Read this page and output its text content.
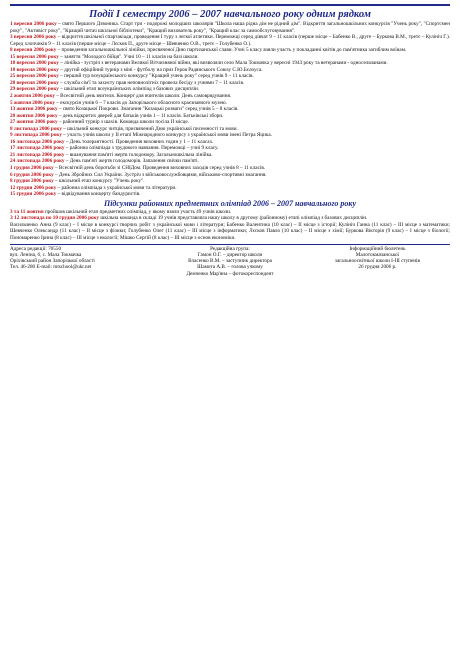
Події І семестру 2006 – 2007 навчального року одним рядком

1 вересня 2006 року – свято Першого Дзвоника. Старт три - подорожі молодших школярів "Школа наша рідна дім не рідний дім". Відкриття загальношкільних конкурсів "Учень року", "Спортсмен року", "Активіст року", "Кращий читач шкільної бібліотеки", "Кращий вихователь року", "Кращий клас за самообслуговування".

3 вересня 2006 року – відкриття шкільної спартакіади, проведення І туру з легкої атлетики. Переможці серед дівчат 9 – 11 класів (перше місце – Бабенко В., друге – Буркова В.М., третє – Кулініч Г.). Серед хлопчиків 9 – 11 класів (перше місце – Лєсков П., друге місце – Шевченко О.В., третє – Голубенко О.).

8 вересня 2006 року – проведення загальношкільної лінійки, присвяченої Дню партизанської слави. Учні 5 класу взяли участь у покладанні квітів до пам'ятника загиблим воїнам.

15 вересня 2006 року – заняття "Молодого бійця". Учні 10 – 11 класів на базі школи.

18 вересня 2006 року – лінійка - зустріч з ветеранами Великої Вітчизняної війни, які визволяли село Мала Токмачка у вересні 1943 року та ветеранами - односельчанами.

18 вересня 2006 року – другий офіційний турнір з міні - футболу на приз Героя Радянського Союзу С.Ю.Бєлоуса.

25 вересня 2006 року – перший тур всеукраїнського конкурсу "Кращий учень року" серед учнів 9 – 11 класів.

28 вересня 2006 року – служба сім'ї та захисту прав неповнолітніх провела бесіду з учнями 7 – 11 класів.

29 вересня 2006 року – шкільний етап всеукраїнських олімпіад з базових дисциплін.

2 жовтня 2006 року – Всесвітній день вчителя. Концерт для вчителів школи. День самоврядування.

5 жовтня 2006 року – екскурсія учнів 6 – 7 класів до Запорізького обласного краєзнавчого музею.

13 жовтня 2006 року – свято Козацької Покрови. Змагання "Козацькі розваги" серед учнів 5 – 8 класів.

20 жовтня 2006 року – день відкритих дверей для батьків учнів 1 – 11 класів. Батьківські збори.

27 жовтня 2006 року – районний турнір з шахів. Команда школи посіла ІІ місце.

8 листопада 2006 року – шкільний конкурс читців, присвячений Дню української писемності та мови.

9 листопада 2006 року – участь учнів школи у ІІ етапі Міжнародного конкурсу з української мови імені Петра Яцика.

16 листопада 2006 року – День толерантності. Проведення виховних годин у 1 – 11 класах.

17 листопада 2006 року – районна олімпіада з трудового навчання. Переможці – учні 9 класу.

21 листопада 2006 року – вшанування пам'яті жертв голодомору. Загальношкільна лінійка.

24 листопада 2006 року – День пам'яті жертв голодоморів. Запалення свічки пам'яті.

1 грудня 2006 року – Всесвітній день боротьби зі СНІДом. Проведення виховних заходів серед учнів 8 – 11 класів.

6 грудня 2006 року – День Збройних Сил України. Зустріч з військовослужбовцями, військово-спортивні змагання.

8 грудня 2006 року – шкільний етап конкурсу "Учень року".

12 грудня 2006 року – районна олімпіада з української мови та літератури.

15 грудня 2006 року – відвідування концерту бандуристів.

Підсумки районних предметних олімпіад 2006 – 2007 навчального року

3 та 11 жовтня пройшов шкільний етап предметних олімпіад, у якому взяли участь 49 учнів школи.

З 12 листопада по 10 грудня 2006 року шкільна команда в складі 19 учнів представляла нашу школу в другому (районному) етапі олімпіад з базових дисциплін.

Васильченко Анна (9 клас) – І місце в конкурсі творчих робіт з української мови і літератури; Бабенко Валентина (10 клас) – ІІ місце з історії; Кулініч Ганна (11 клас) – ІІІ місце з математики; Шевченко Олександр (11 клас) – ІІ місце з фізики; Голубенко Олег (11 клас) – ІІІ місце з інформатики; Лєсков Павло (10 клас) – ІІ місце з хімії; Буркова Вікторія (9 клас) – І місце з біології; Пономаренко Ірина (8 клас) – ІІІ місце з екології; Мішко Сергій (8 клас) – ІІІ місце з основ економіки.

Адреса редакції: 70550
вул. Леніна, 6, с. Мала Токмачка
Оріхівський район Запорізької області
Тел. 46-280 E-mail: mtschool@ukr.net
Редакційна група:
Гамон О.Г. – директор школи
Власенко В.М. – заступник директора
Шамота А.В. – голова учкому
Демченко Мар'яна – фотокореспондент
Інформаційний бюлетень
Малотокмачанської
загальноосвітньої школи І-ІІІ ступенів
26 грудня 2006 р.
